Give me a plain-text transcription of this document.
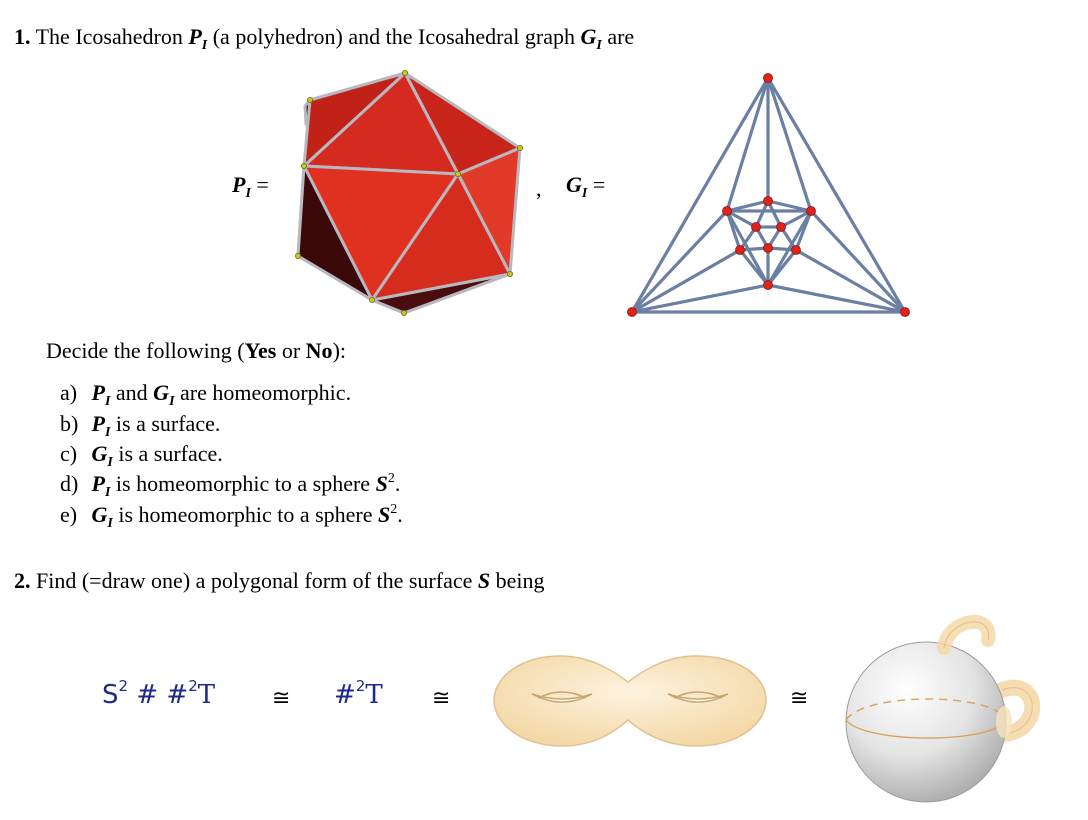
1. The Icosahedron $P_I$ (a polyhedron) and the Icosahedral graph $G_I$ are
$P_I$ =	, $G_I$ =
Decide the following (Yes or No):
a) $P_I$ and $G_I$ are homeomorphic.
b) $P_I$ is a surface.
c) $G_I$ is a surface.
d) $P_I$ is homeomorphic to a sphere $S^2$.
e) $G_I$ is homeomorphic to a sphere $S^2$.
2. Find (=draw one) a polygonal form of the surface S being
$S^2$ # #$^2$T	≅ #$^2$T ≅	≅
